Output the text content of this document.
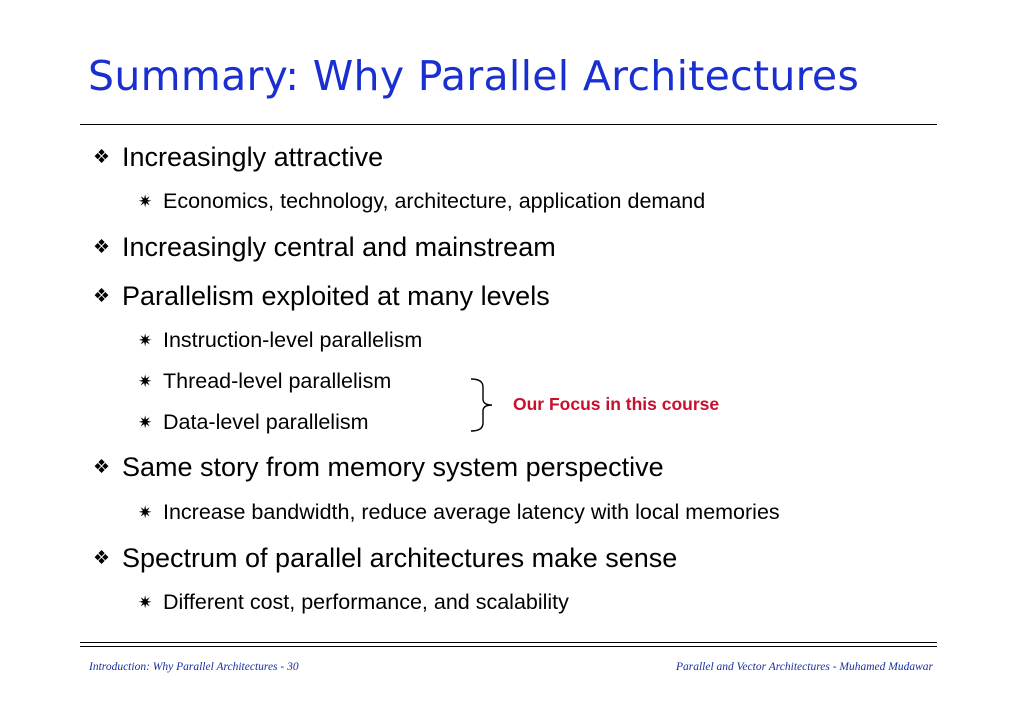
Summary: Why Parallel Architectures
❖ Increasingly attractive
✷ Economics, technology, architecture, application demand
❖ Increasingly central and mainstream
❖ Parallelism exploited at many levels
✷ Instruction-level parallelism
✷ Thread-level parallelism
✷ Data-level parallelism
Our Focus in this course
❖ Same story from memory system perspective
✷ Increase bandwidth, reduce average latency with local memories
❖ Spectrum of parallel architectures make sense
✷ Different cost, performance, and scalability
Introduction: Why Parallel Architectures - 30	Parallel and Vector Architectures - Muhamed Mudawar
